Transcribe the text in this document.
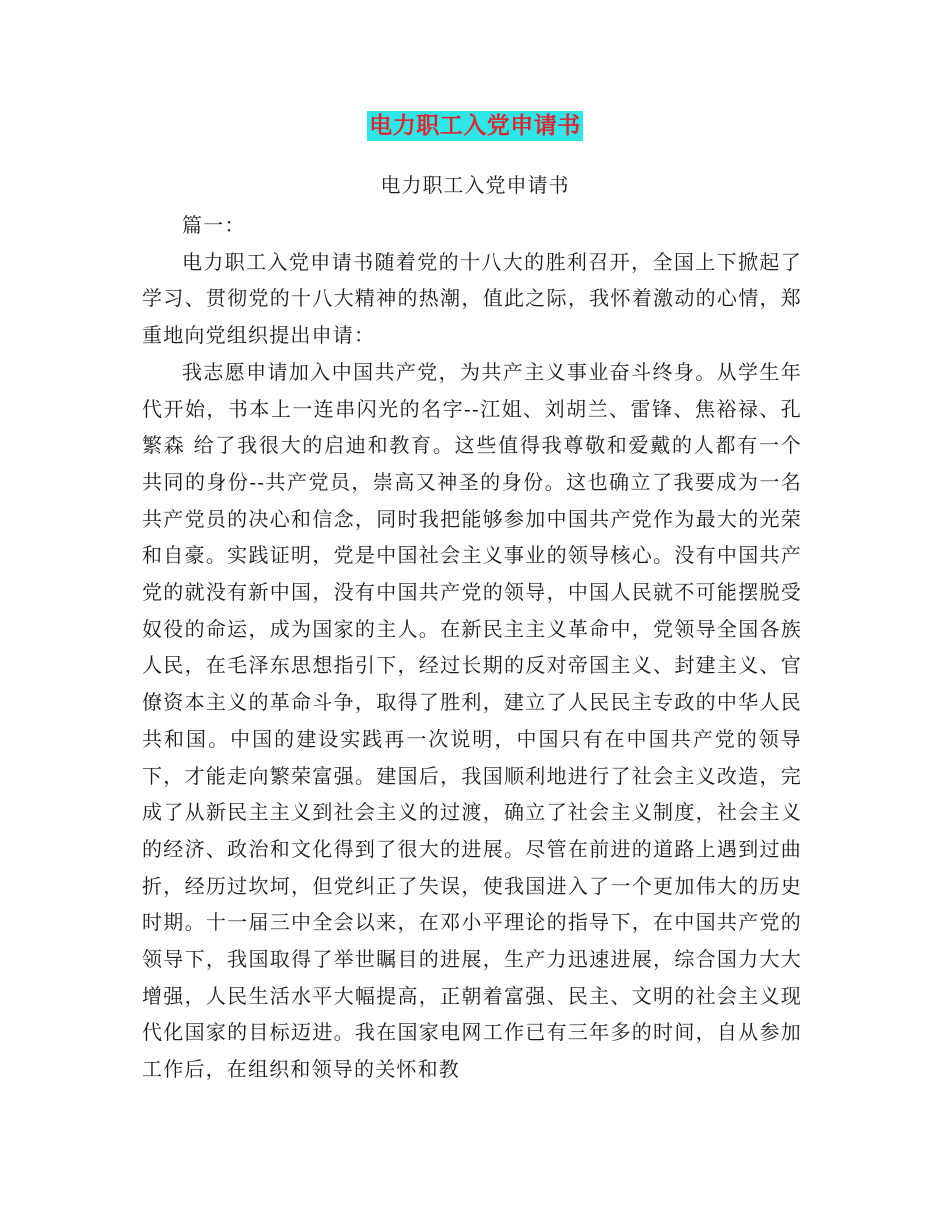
电力职工入党申请书
电力职工入党申请书

篇一：

电力职工入党申请书随着党的十八大的胜利召开，全国上下掀起了学习、贯彻党的十八大精神的热潮，值此之际，我怀着激动的心情，郑重地向党组织提出申请：

我志愿申请加入中国共产党，为共产主义事业奋斗终身。从学生年代开始，书本上一连串闪光的名字--江姐、刘胡兰、雷锋、焦裕禄、孔繁森 给了我很大的启迪和教育。这些值得我尊敬和爱戴的人都有一个共同的身份--共产党员，崇高又神圣的身份。这也确立了我要成为一名共产党员的决心和信念，同时我把能够参加中国共产党作为最大的光荣和自豪。实践证明，党是中国社会主义事业的领导核心。没有中国共产党的就没有新中国，没有中国共产党的领导，中国人民就不可能摆脱受奴役的命运，成为国家的主人。在新民主主义革命中，党领导全国各族人民，在毛泽东思想指引下，经过长期的反对帝国主义、封建主义、官僚资本主义的革命斗争，取得了胜利，建立了人民民主专政的中华人民共和国。中国的建设实践再一次说明，中国只有在中国共产党的领导下，才能走向繁荣富强。建国后，我国顺利地进行了社会主义改造，完成了从新民主主义到社会主义的过渡，确立了社会主义制度，社会主义的经济、政治和文化得到了很大的进展。尽管在前进的道路上遇到过曲折，经历过坎坷，但党纠正了失误，使我国进入了一个更加伟大的历史时期。十一届三中全会以来，在邓小平理论的指导下，在中国共产党的领导下，我国取得了举世瞩目的进展，生产力迅速进展，综合国力大大增强，人民生活水平大幅提高，正朝着富强、民主、文明的社会主义现代化国家的目标迈进。我在国家电网工作已有三年多的时间，自从参加工作后，在组织和领导的关怀和教
